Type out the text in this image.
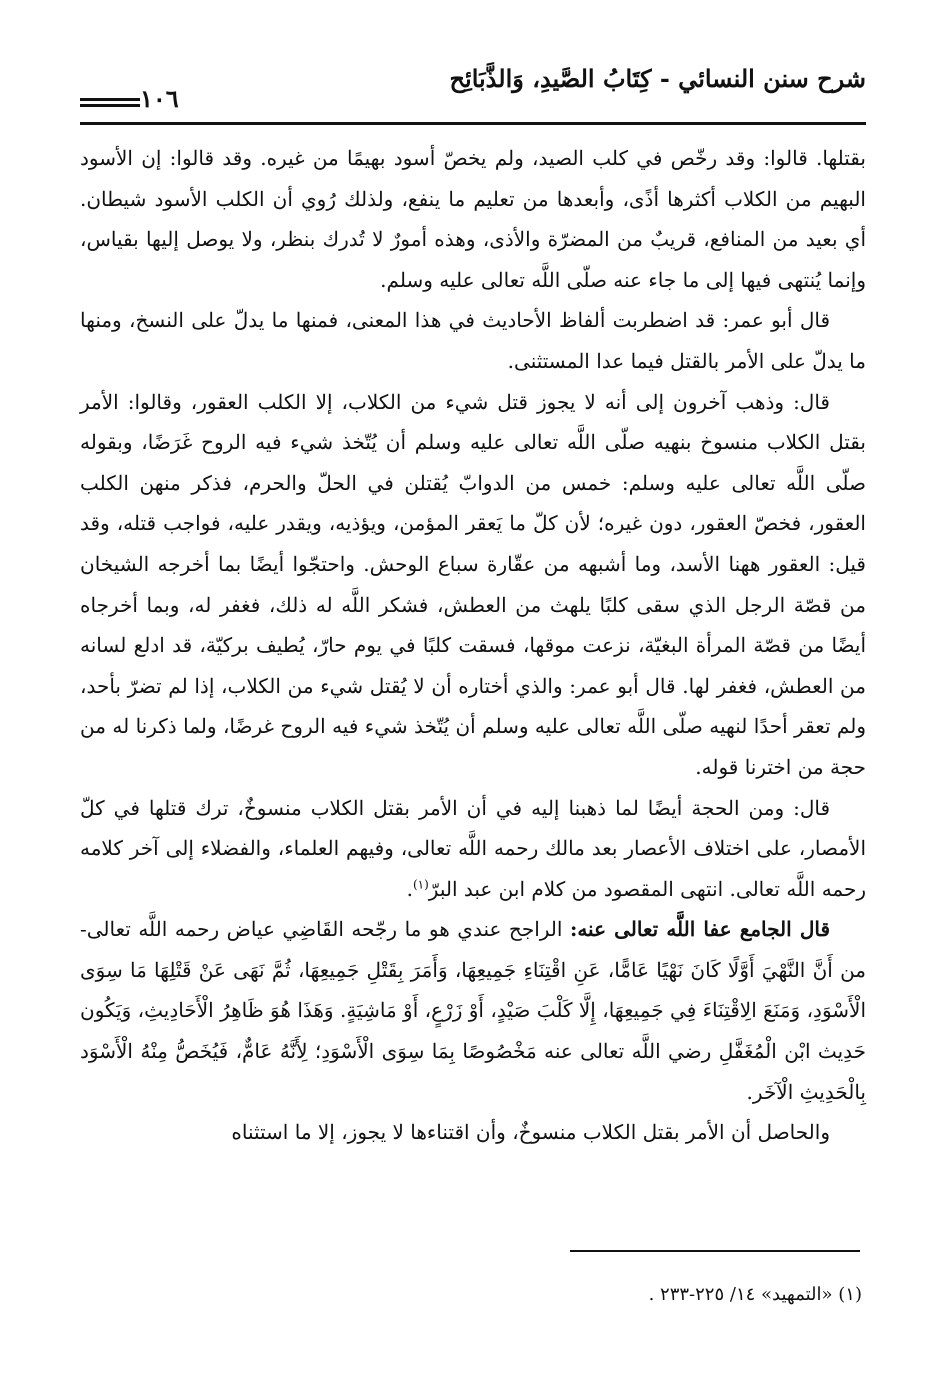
شرح سنن النسائي - كِتَابُ الصَّيدِ، وَالذَّبَائِح
١٠٦

بقتلها. قالوا: وقد رخّص في كلب الصيد، ولم يخصّ أسود بهيمًا من غيره. وقد قالوا: إن الأسود البهيم من الكلاب أكثرها أذًى، وأبعدها من تعليم ما ينفع، ولذلك رُوي أن الكلب الأسود شيطان. أي بعيد من المنافع، قريبٌ من المضرّة والأذى، وهذه أمورٌ لا تُدرك بنظر، ولا يوصل إليها بقياس، وإنما يُنتهى فيها إلى ما جاء عنه صلّى اللَّه تعالى عليه وسلم.

قال أبو عمر: قد اضطربت ألفاظ الأحاديث في هذا المعنى، فمنها ما يدلّ على النسخ، ومنها ما يدلّ على الأمر بالقتل فيما عدا المستثنى.

قال: وذهب آخرون إلى أنه لا يجوز قتل شيء من الكلاب، إلا الكلب العقور، وقالوا: الأمر بقتل الكلاب منسوخ بنهيه صلّى اللَّه تعالى عليه وسلم أن يُتّخذ شيء فيه الروح غَرَضًا، وبقوله صلّى اللَّه تعالى عليه وسلم: خمس من الدوابّ يُقتلن في الحلّ والحرم، فذكر منهن الكلب العقور، فخصّ العقور، دون غيره؛ لأن كلّ ما يَعقر المؤمن، ويؤذيه، ويقدر عليه، فواجب قتله، وقد قيل: العقور ههنا الأسد، وما أشبهه من عقّارة سباع الوحش. واحتجّوا أيضًا بما أخرجه الشيخان من قصّة الرجل الذي سقى كلبًا يلهث من العطش، فشكر اللَّه له ذلك، فغفر له، وبما أخرجاه أيضًا من قصّة المرأة البغيّة، نزعت موقها، فسقت كلبًا في يوم حارّ، يُطيف بركيّة، قد ادلع لسانه من العطش، فغفر لها. قال أبو عمر: والذي أختاره أن لا يُقتل شيء من الكلاب، إذا لم تضرّ بأحد، ولم تعقر أحدًا لنهيه صلّى اللَّه تعالى عليه وسلم أن يُتّخذ شيء فيه الروح غرضًا، ولما ذكرنا له من حجة من اخترنا قوله.

قال: ومن الحجة أيضًا لما ذهبنا إليه في أن الأمر بقتل الكلاب منسوخٌ، ترك قتلها في كلّ الأمصار، على اختلاف الأعصار بعد مالك رحمه اللَّه تعالى، وفيهم العلماء، والفضلاء إلى آخر كلامه رحمه اللَّه تعالى. انتهى المقصود من كلام ابن عبد البرّ$^{(١)}$.

قال الجامع عفا اللَّه تعالى عنه: الراجح عندي هو ما رجّحه القَاضِي عياض رحمه اللَّه تعالى- من أَنَّ النَّهْيَ أَوَّلًا كَانَ نَهْيًا عَامًّا، عَنِ اقْتِنَاءِ جَمِيعِهَا، وَأَمَرَ بِقَتْلِ جَمِيعِهَا، ثُمَّ نَهَى عَنْ قَتْلِهَا مَا سِوَى الْأَسْوَدِ، وَمَنَعَ الِاقْتِنَاءَ فِي جَمِيعِهَا، إِلَّا كَلْبَ صَيْدٍ، أَوْ زَرْعٍ، أَوْ مَاشِيَةٍ. وَهَذَا هُوَ ظَاهِرُ الْأَحَادِيثِ، وَيَكُون حَدِيث ابْن الْمُغَفَّلِ رضي اللَّه تعالى عنه مَخْصُوصًا بِمَا سِوَى الْأَسْوَدِ؛ لِأَنَّهُ عَامٌّ، فَيُخَصُّ مِنْهُ الْأَسْوَد بِالْحَدِيثِ الْآخَر.

والحاصل أن الأمر بقتل الكلاب منسوخٌ، وأن اقتناءها لا يجوز، إلا ما استثناه

(١) «التمهيد» ١٤/ ٢٢٥-٢٣٣ .
